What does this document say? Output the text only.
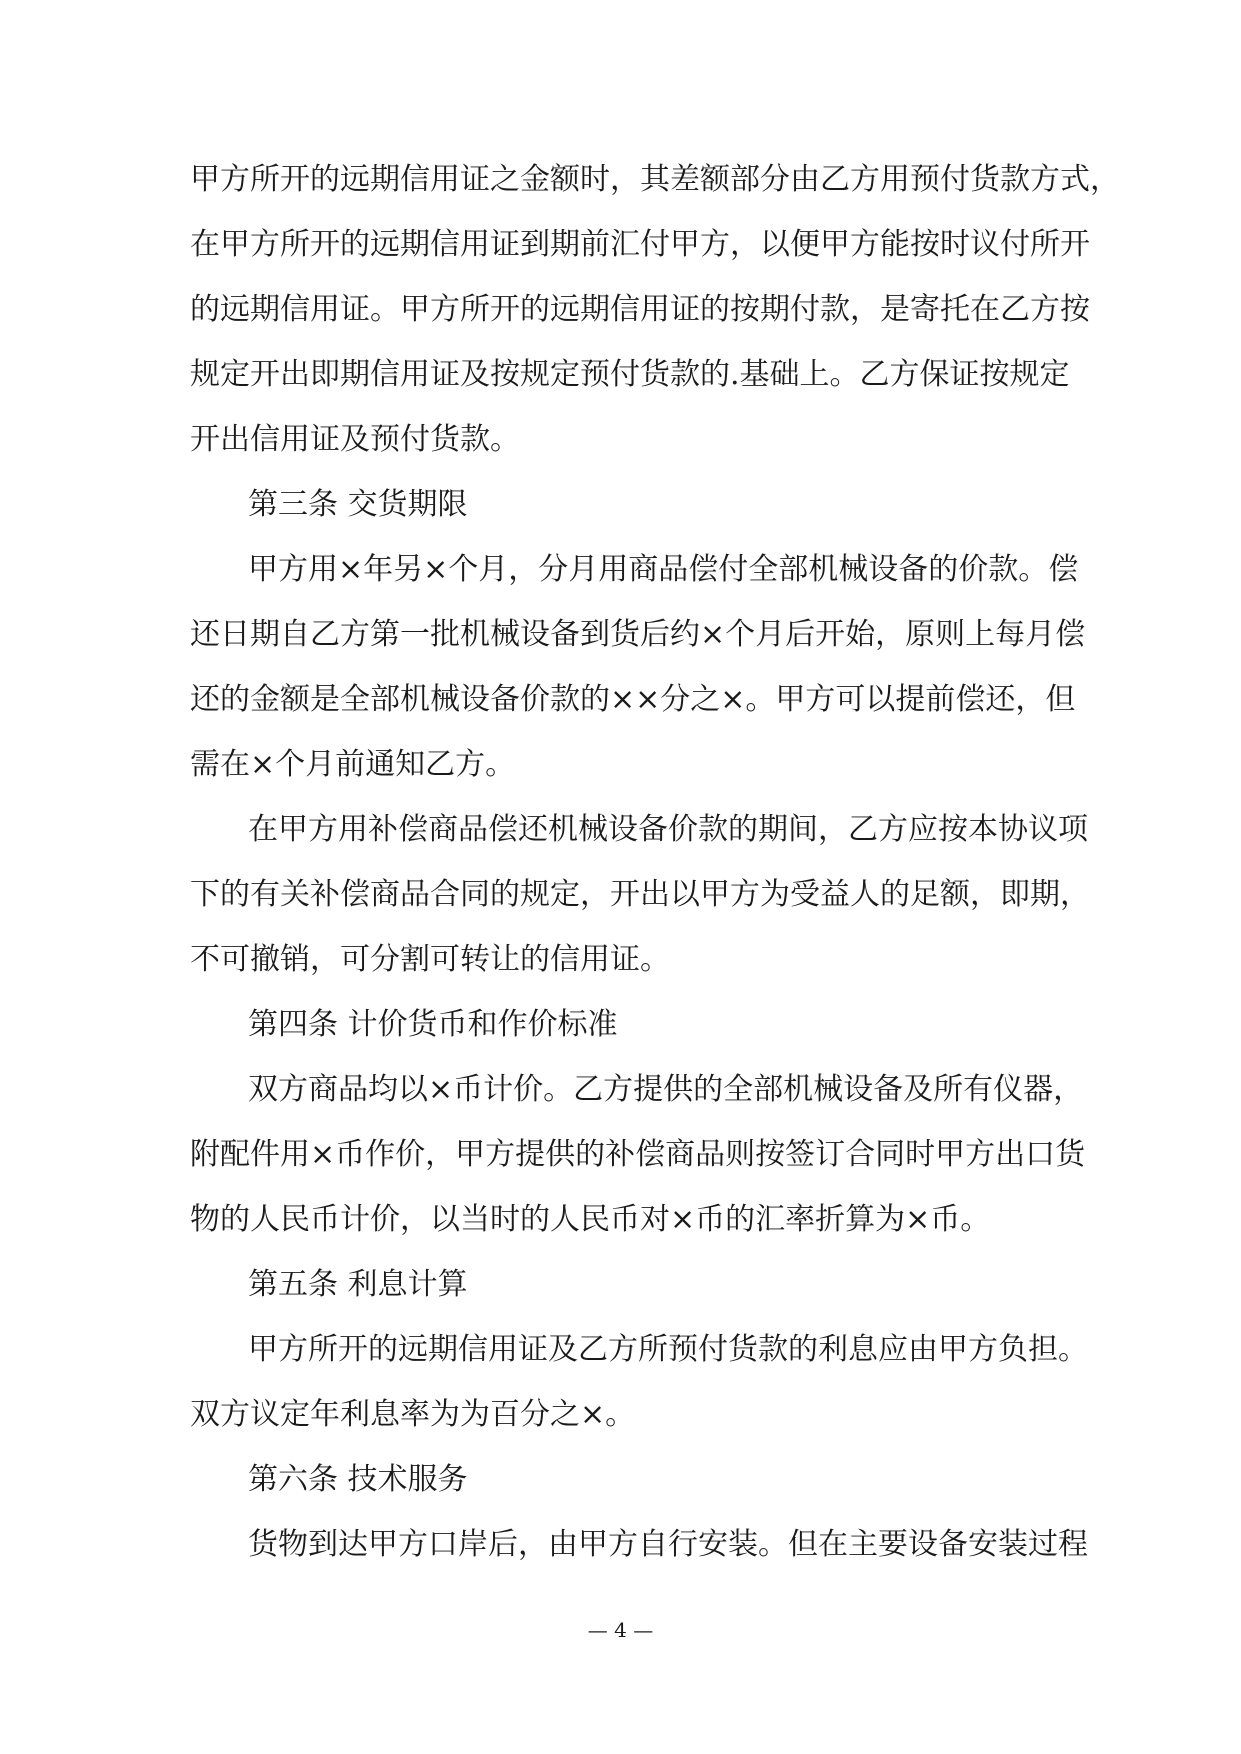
甲方所开的远期信用证之金额时，其差额部分由乙方用预付货款方式，
在甲方所开的远期信用证到期前汇付甲方，以便甲方能按时议付所开
的远期信用证。甲方所开的远期信用证的按期付款，是寄托在乙方按
规定开出即期信用证及按规定预付货款的.基础上。乙方保证按规定
开出信用证及预付货款。
第三条 交货期限
甲方用×年另×个月，分月用商品偿付全部机械设备的价款。偿
还日期自乙方第一批机械设备到货后约×个月后开始，原则上每月偿
还的金额是全部机械设备价款的××分之×。甲方可以提前偿还，但
需在×个月前通知乙方。
在甲方用补偿商品偿还机械设备价款的期间，乙方应按本协议项
下的有关补偿商品合同的规定，开出以甲方为受益人的足额，即期，
不可撤销，可分割可转让的信用证。
第四条 计价货币和作价标准
双方商品均以×币计价。乙方提供的全部机械设备及所有仪器，
附配件用×币作价，甲方提供的补偿商品则按签订合同时甲方出口货
物的人民币计价，以当时的人民币对×币的汇率折算为×币。
第五条 利息计算
甲方所开的远期信用证及乙方所预付货款的利息应由甲方负担。
双方议定年利息率为为百分之×。
第六条 技术服务
货物到达甲方口岸后，由甲方自行安装。但在主要设备安装过程
— 4 —
